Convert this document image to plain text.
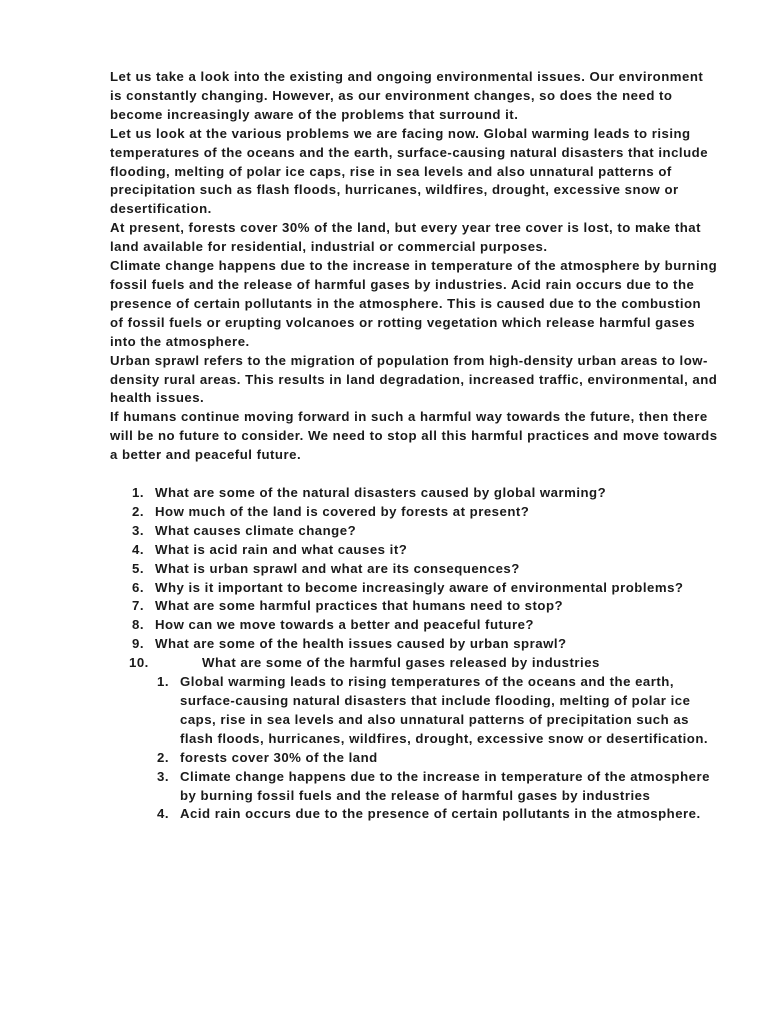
Let us take a look into the existing and ongoing environmental issues. Our environment is constantly changing. However, as our environment changes, so does the need to become increasingly aware of the problems that surround it.

Let us look at the various problems we are facing now. Global warming leads to rising temperatures of the oceans and the earth, surface-causing natural disasters that include flooding, melting of polar ice caps, rise in sea levels and also unnatural patterns of precipitation such as flash floods, hurricanes, wildfires, drought, excessive snow or desertification.

At present, forests cover 30% of the land, but every year tree cover is lost, to make that land available for residential, industrial or commercial purposes.

Climate change happens due to the increase in temperature of the atmosphere by burning fossil fuels and the release of harmful gases by industries. Acid rain occurs due to the presence of certain pollutants in the atmosphere. This is caused due to the combustion of fossil fuels or erupting volcanoes or rotting vegetation which release harmful gases into the atmosphere.

Urban sprawl refers to the migration of population from high-density urban areas to low-density rural areas. This results in land degradation, increased traffic, environmental, and health issues.

If humans continue moving forward in such a harmful way towards the future, then there will be no future to consider. We need to stop all this harmful practices and move towards a better and peaceful future.

1. What are some of the natural disasters caused by global warming?
2. How much of the land is covered by forests at present?
3. What causes climate change?
4. What is acid rain and what causes it?
5. What is urban sprawl and what are its consequences?
6. Why is it important to become increasingly aware of environmental problems?
7. What are some harmful practices that humans need to stop?
8. How can we move towards a better and peaceful future?
9. What are some of the health issues caused by urban sprawl?
10.	What are some of the harmful gases released by industries
1. Global warming leads to rising temperatures of the oceans and the earth, surface-causing natural disasters that include flooding, melting of polar ice caps, rise in sea levels and also unnatural patterns of precipitation such as flash floods, hurricanes, wildfires, drought, excessive snow or desertification.
2. forests cover 30% of the land
3. Climate change happens due to the increase in temperature of the atmosphere by burning fossil fuels and the release of harmful gases by industries
4. Acid rain occurs due to the presence of certain pollutants in the atmosphere.
